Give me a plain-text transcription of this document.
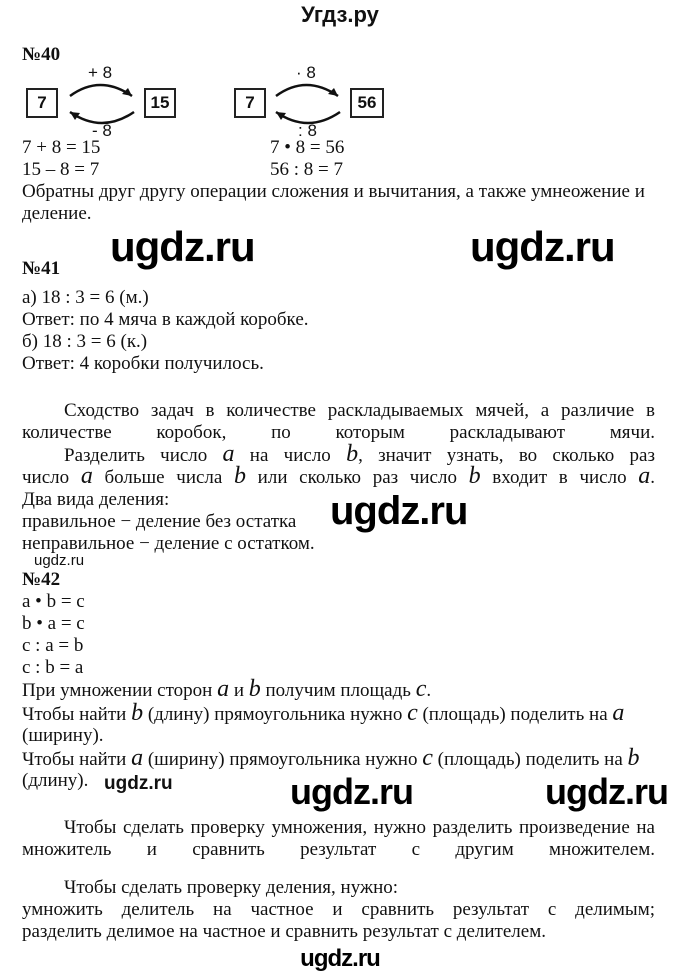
Угдз.ру
№40
+ 8
7	15
- 8
· 8
7	56
: 8
7 + 8 = 15
15 – 8 = 7
7 • 8 = 56
56 : 8 = 7
Обратны друг другу операции сложения и вычитания, а также умнеожение и
деление.
ugdz.ru	ugdz.ru
№41
а) 18 : 3 = 6 (м.)
Ответ: по 4 мяча в каждой коробке.
б) 18 : 3 = 6 (к.)
Ответ: 4 коробки получилось.
Сходство задач в количестве раскладываемых мячей, а различие в
количестве коробок, по которым раскладывают мячи.
Разделить число a на число b, значит узнать, во сколько раз
число a больше числа b или сколько раз число b входит в число a.
Два вида деления:
правильное − деление без остатка
неправильное − деление с остатком.
ugdz.ru
ugdz.ru
№42
a • b = c
b • a = c
c : a = b
c : b = a
При умножении сторон a и b получим площадь c.
Чтобы найти b (длину) прямоугольника нужно c (площадь) поделить на a
(ширину).
Чтобы найти a (ширину) прямоугольника нужно c (площадь) поделить на b
(длину). ugdz.ru	ugdz.ru	ugdz.ru
Чтобы сделать проверку умножения, нужно разделить произведение на
множитель и сравнить результат с другим множителем.
Чтобы сделать проверку деления, нужно:
умножить делитель на частное и сравнить результат с делимым;
разделить делимое на частное и сравнить результат с делителем.
ugdz.ru
